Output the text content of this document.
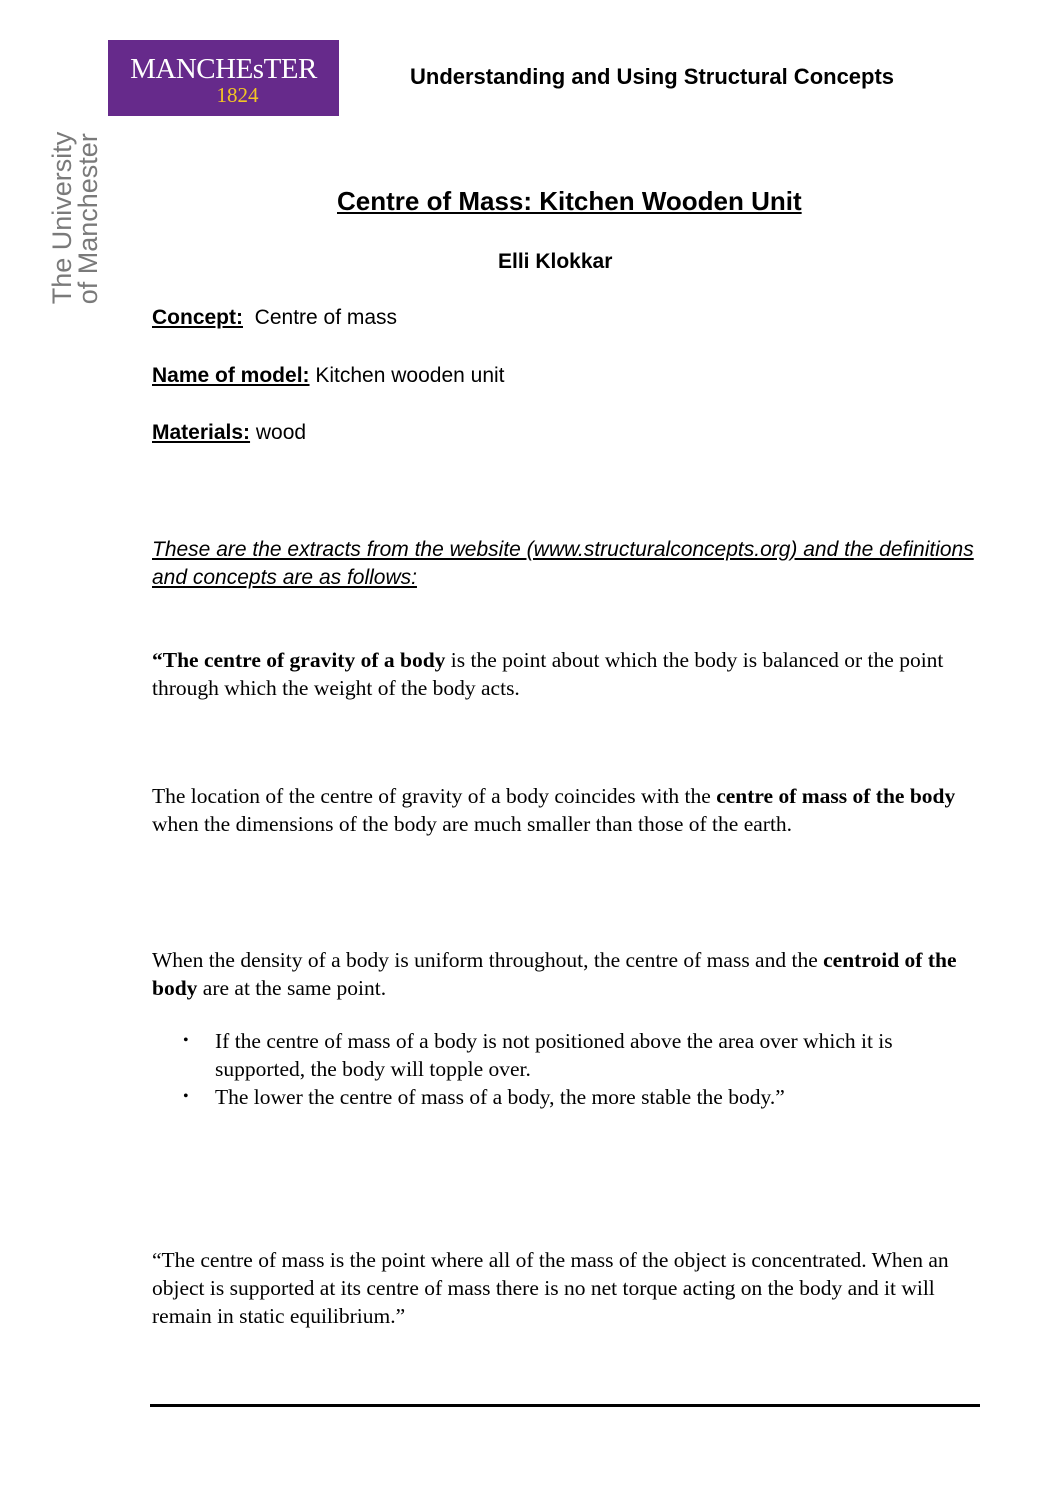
MANCHEsTER
1824
The University
of Manchester
Understanding and Using Structural Concepts
Centre of Mass: Kitchen Wooden Unit
Elli Klokkar
Concept: Centre of mass
Name of model: Kitchen wooden unit
Materials: wood
These are the extracts from the website (www.structuralconcepts.org) and the definitions and concepts are as follows:
“The centre of gravity of a body is the point about which the body is balanced or the point through which the weight of the body acts.
The location of the centre of gravity of a body coincides with the centre of mass of the body when the dimensions of the body are much smaller than those of the earth.
When the density of a body is uniform throughout, the centre of mass and the centroid of the body are at the same point.
• If the centre of mass of a body is not positioned above the area over which it is supported, the body will topple over.
• The lower the centre of mass of a body, the more stable the body.”
“The centre of mass is the point where all of the mass of the object is concentrated. When an object is supported at its centre of mass there is no net torque acting on the body and it will remain in static equilibrium.”
